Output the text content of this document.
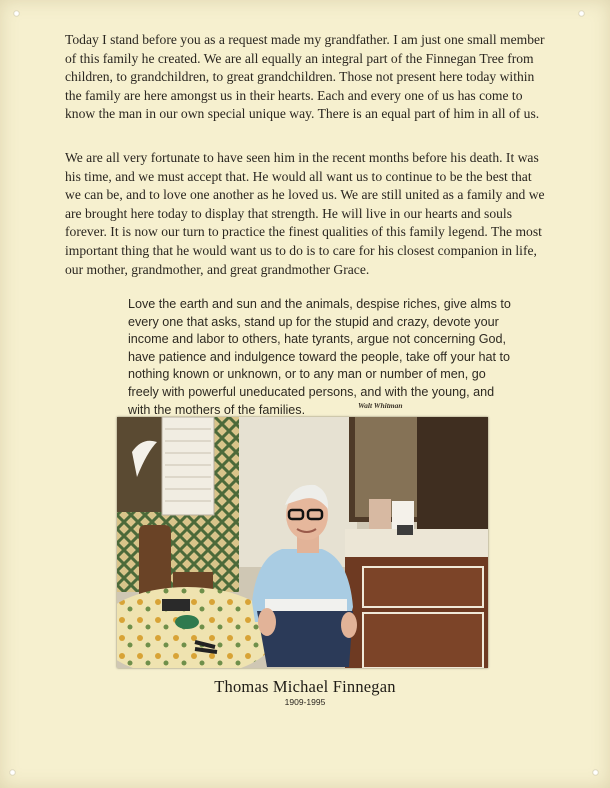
Today I stand before you as a request made my grandfather. I am just one small member of this family he created. We are all equally an integral part of the Finnegan Tree from children, to grandchildren, to great grandchildren. Those not present here today within the family are here amongst us in their hearts. Each and every one of us has come to know the man in our own special unique way. There is an equal part of him in all of us.

We are all very fortunate to have seen him in the recent months before his death. It was his time, and we must accept that. He would all want us to continue to be the best that we can be, and to love one another as he loved us. We are still united as a family and we are brought here today to display that strength. He will live in our hearts and souls forever. It is now our turn to practice the finest qualities of this family legend. The most important thing that he would want us to do is to care for his closest companion in life, our mother, grandmother, and great grandmother Grace.

Love the earth and sun and the animals, despise riches, give alms to every one that asks, stand up for the stupid and crazy, devote your income and labor to others, hate tyrants, argue not concerning God, have patience and indulgence toward the people, take off your hat to nothing known or unknown, or to any man or number of men, go freely with powerful uneducated persons, and with the young, and with the mothers of the families.	Walt Whitman
Thomas Michael Finnegan
1909-1995
